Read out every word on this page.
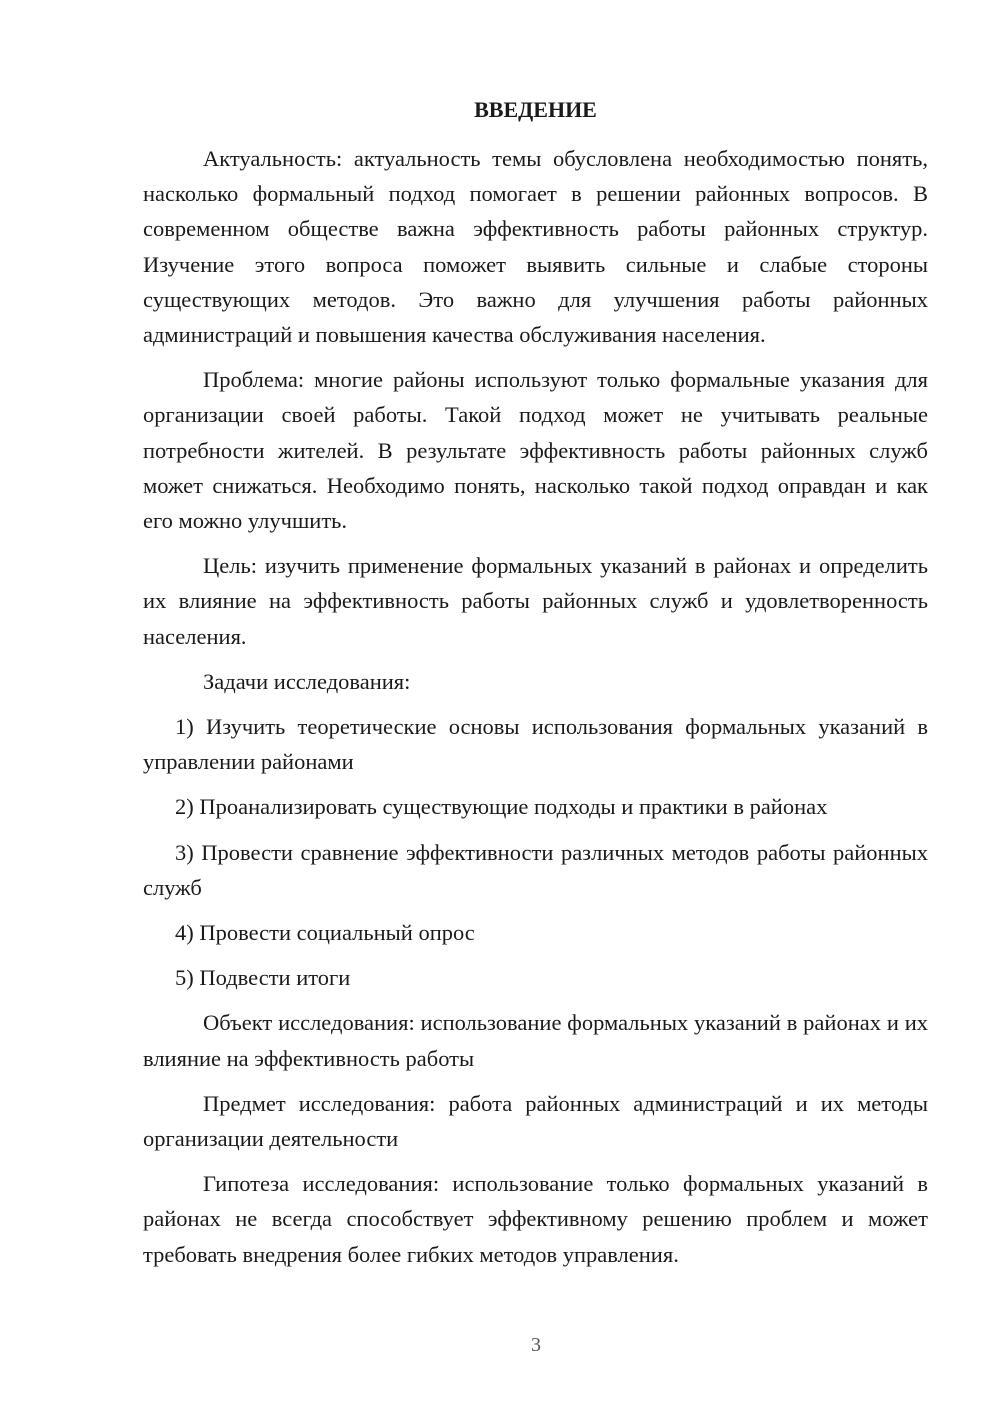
ВВЕДЕНИЕ

Актуальность: актуальность темы обусловлена необходимостью понять, насколько формальный подход помогает в решении районных вопросов. В современном обществе важна эффективность работы районных структур. Изучение этого вопроса поможет выявить сильные и слабые стороны существующих методов. Это важно для улучшения работы районных администраций и повышения качества обслуживания населения.

Проблема: многие районы используют только формальные указания для организации своей работы. Такой подход может не учитывать реальные потребности жителей. В результате эффективность работы районных служб может снижаться. Необходимо понять, насколько такой подход оправдан и как его можно улучшить.

Цель: изучить применение формальных указаний в районах и определить их влияние на эффективность работы районных служб и удовлетворенность населения.

Задачи исследования:

1) Изучить теоретические основы использования формальных указаний в управлении районами

2) Проанализировать существующие подходы и практики в районах

3) Провести сравнение эффективности различных методов работы районных служб

4) Провести социальный опрос

5) Подвести итоги

Объект исследования: использование формальных указаний в районах и их влияние на эффективность работы

Предмет исследования: работа районных администраций и их методы организации деятельности

Гипотеза исследования: использование только формальных указаний в районах не всегда способствует эффективному решению проблем и может требовать внедрения более гибких методов управления.

3
